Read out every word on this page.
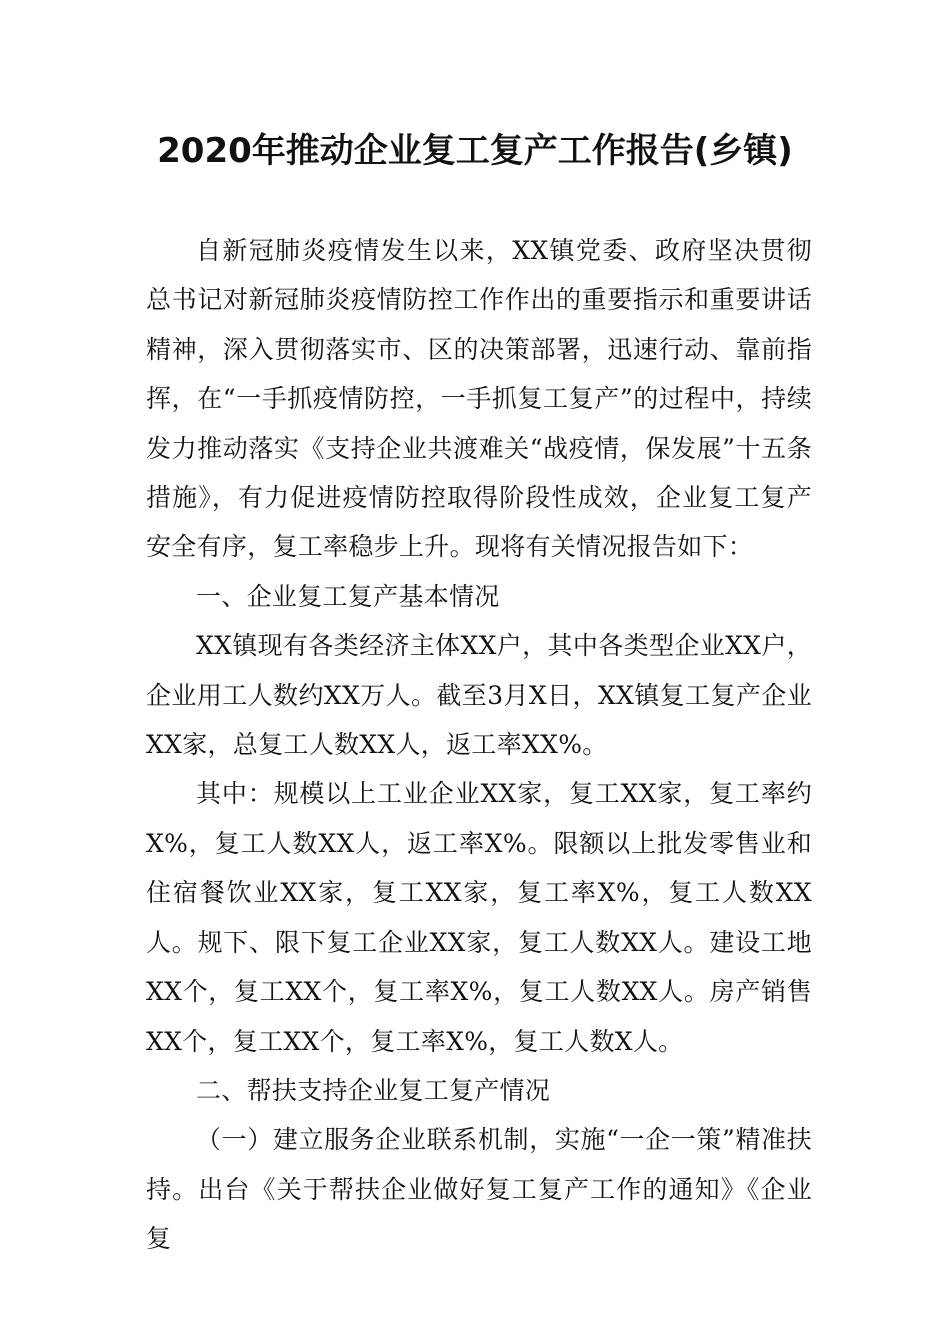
2020年推动企业复工复产工作报告(乡镇)

自新冠肺炎疫情发生以来，XX镇党委、政府坚决贯彻总书记对新冠肺炎疫情防控工作作出的重要指示和重要讲话精神，深入贯彻落实市、区的决策部署，迅速行动、靠前指挥，在“一手抓疫情防控，一手抓复工复产”的过程中，持续发力推动落实《支持企业共渡难关“战疫情，保发展”十五条措施》，有力促进疫情防控取得阶段性成效，企业复工复产安全有序，复工率稳步上升。现将有关情况报告如下：

一、企业复工复产基本情况

XX镇现有各类经济主体XX户，其中各类型企业XX户，企业用工人数约XX万人。截至3月X日，XX镇复工复产企业XX家，总复工人数XX人，返工率XX%。

其中：规模以上工业企业XX家，复工XX家，复工率约X%，复工人数XX人，返工率X%。限额以上批发零售业和住宿餐饮业XX家，复工XX家，复工率X%，复工人数XX人。规下、限下复工企业XX家，复工人数XX人。建设工地XX个，复工XX个，复工率X%，复工人数XX人。房产销售XX个，复工XX个，复工率X%，复工人数X人。

二、帮扶支持企业复工复产情况

（一）建立服务企业联系机制，实施“一企一策”精准扶持。出台《关于帮扶企业做好复工复产工作的通知》《企业复
